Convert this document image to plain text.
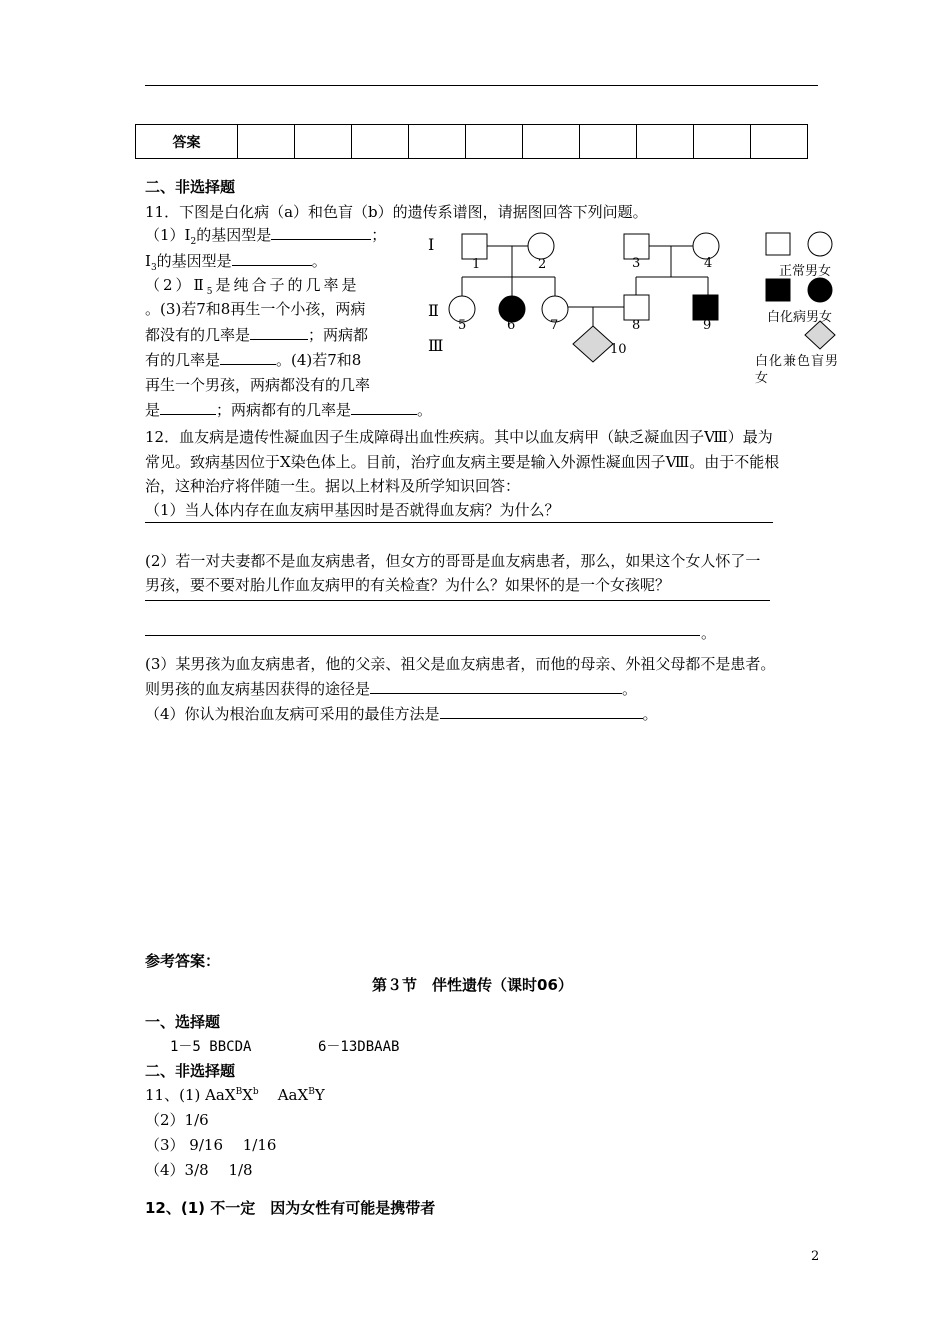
答案										
二、非选择题
11．下图是白化病（a）和色盲（b）的遗传系谱图，请据图回答下列问题。
$(1)Ⅰ_2$的基因型是	；
$Ⅰ_3$的基因型是	。
$(2)Ⅱ_5$是纯合子的几率是
。(3)若7和8再生一个小孩，两病
都没有的几率是	；两病都
有的几率是	。(4)若7和8
再生一个男孩，两病都没有的几率
是	；两病都有的几率是	。
Ⅰ
Ⅱ
Ⅲ
1	2	3	4
5	6	7	8	9
10
正常男女
白化病男女
白化兼色盲男
女
12．血友病是遗传性凝血因子生成障碍出血性疾病。其中以血友病甲（缺乏凝血因子Ⅷ）最为
常见。致病基因位于X染色体上。目前，治疗血友病主要是输入外源性凝血因子Ⅷ。由于不能根
治，这种治疗将伴随一生。据以上材料及所学知识回答：
（1）当人体内存在血友病甲基因时是否就得血友病？为什么？
(2）若一对夫妻都不是血友病患者，但女方的哥哥是血友病患者，那么，如果这个女人怀了一
男孩，要不要对胎儿作血友病甲的有关检查？为什么？如果怀的是一个女孩呢？
。
(3）某男孩为血友病患者，他的父亲、祖父是血友病患者，而他的母亲、外祖父母都不是患者。
则男孩的血友病基因获得的途径是	。
（4）你认为根治血友病可采用的最佳方法是	。
参考答案：
第３节　伴性遗传（课时06）
一、选择题
1－5 BBCDA	6－13DBAAB
二、非选择题
11、(1) $AaX^BX^b$ AaX$^B$Y
（2）1/6
（3） 9/16　 1/16
（4）3/8　 1/8
12、(1) 不一定　因为女性有可能是携带者
2
